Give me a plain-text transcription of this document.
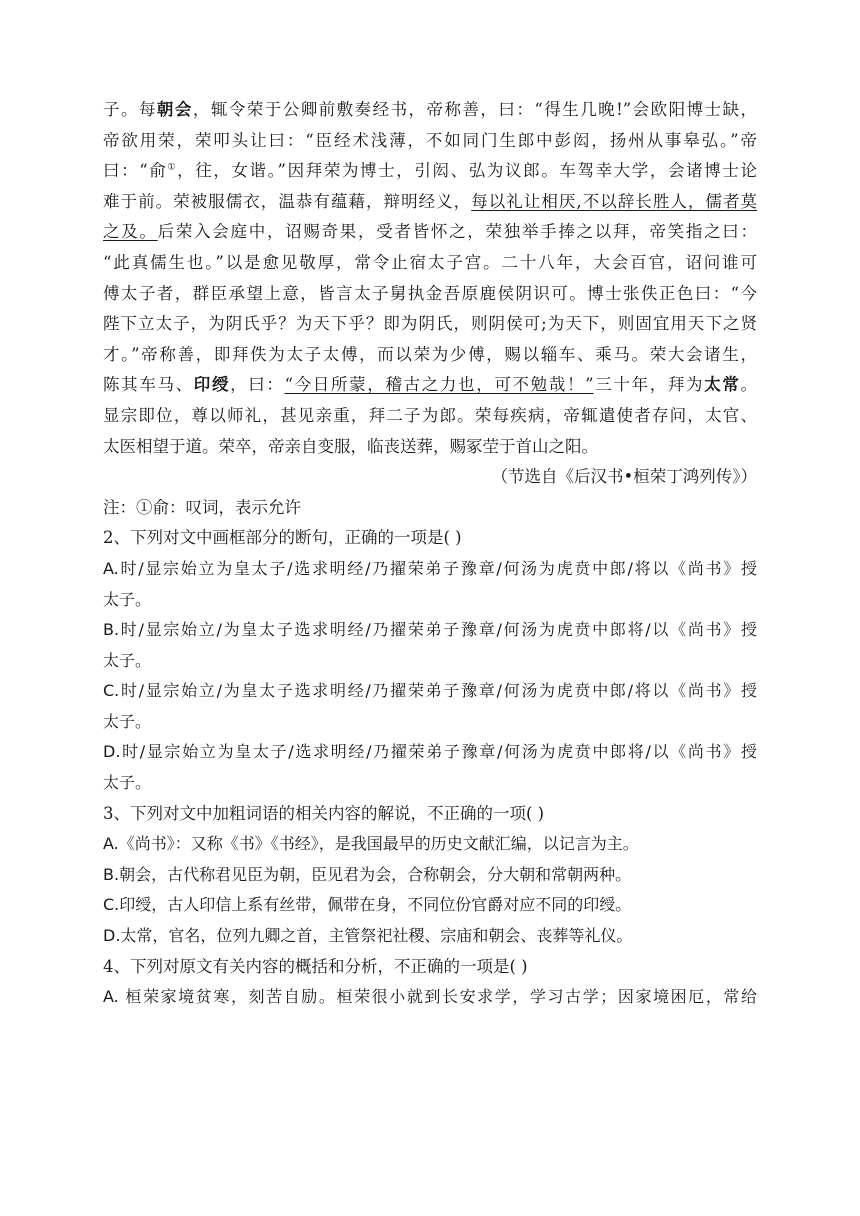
子。每朝会，辄令荣于公卿前敷奏经书，帝称善，曰：“得生几晚!”会欧阳博士缺，
帝欲用荣，荣叩头让曰：“臣经术浅薄，不如同门生郎中彭闳，扬州从事皋弘。”帝
曰：“俞①，往，女谐。”因拜荣为博士，引闳、弘为议郎。车驾幸大学，会诸博士论
难于前。荣被服儒衣，温恭有蕴藉，辩明经义，每以礼让相厌,不以辞长胜人，儒者莫
之及。后荣入会庭中，诏赐奇果，受者皆怀之，荣独举手捧之以拜，帝笑指之曰：
“此真儒生也。”以是愈见敬厚，常令止宿太子宫。二十八年，大会百官，诏问谁可
傅太子者，群臣承望上意，皆言太子舅执金吾原鹿侯阴识可。博士张佚正色曰：“今
陛下立太子，为阴氏乎？为天下乎？即为阴氏，则阴侯可;为天下，则固宜用天下之贤
才。”帝称善，即拜佚为太子太傅，而以荣为少傅，赐以辎车、乘马。荣大会诸生，
陈其车马、印绶，曰：“今日所蒙，稽古之力也，可不勉哉！”三十年，拜为太常。
显宗即位，尊以师礼，甚见亲重，拜二子为郎。荣每疾病，帝辄遣使者存问，太官、
太医相望于道。荣卒，帝亲自变服，临丧送葬，赐冢茔于首山之阳。
（节选自《后汉书•桓荣丁鸿列传》）
注：①俞：叹词，表示允许
2、下列对文中画框部分的断句，正确的一项是( )
A.时/显宗始立为皇太子/选求明经/乃擢荣弟子豫章/何汤为虎贲中郎/将以《尚书》授
太子。
B.时/显宗始立/为皇太子选求明经/乃擢荣弟子豫章/何汤为虎贲中郎将/以《尚书》授
太子。
C.时/显宗始立/为皇太子选求明经/乃擢荣弟子豫章/何汤为虎贲中郎/将以《尚书》授
太子。
D.时/显宗始立为皇太子/选求明经/乃擢荣弟子豫章/何汤为虎贲中郎将/以《尚书》授
太子。
3、下列对文中加粗词语的相关内容的解说，不正确的一项( )
A.《尚书》：又称《书》《书经》，是我国最早的历史文献汇编，以记言为主。
B.朝会，古代称君见臣为朝，臣见君为会，合称朝会，分大朝和常朝两种。
C.印绶，古人印信上系有丝带，佩带在身，不同位份官爵对应不同的印绶。
D.太常，官名，位列九卿之首，主管祭祀社稷、宗庙和朝会、丧葬等礼仪。
4、下列对原文有关内容的概括和分析，不正确的一项是( )
A. 桓荣家境贫寒，刻苦自励。桓荣很小就到长安求学，学习古学；因家境困厄，常给
